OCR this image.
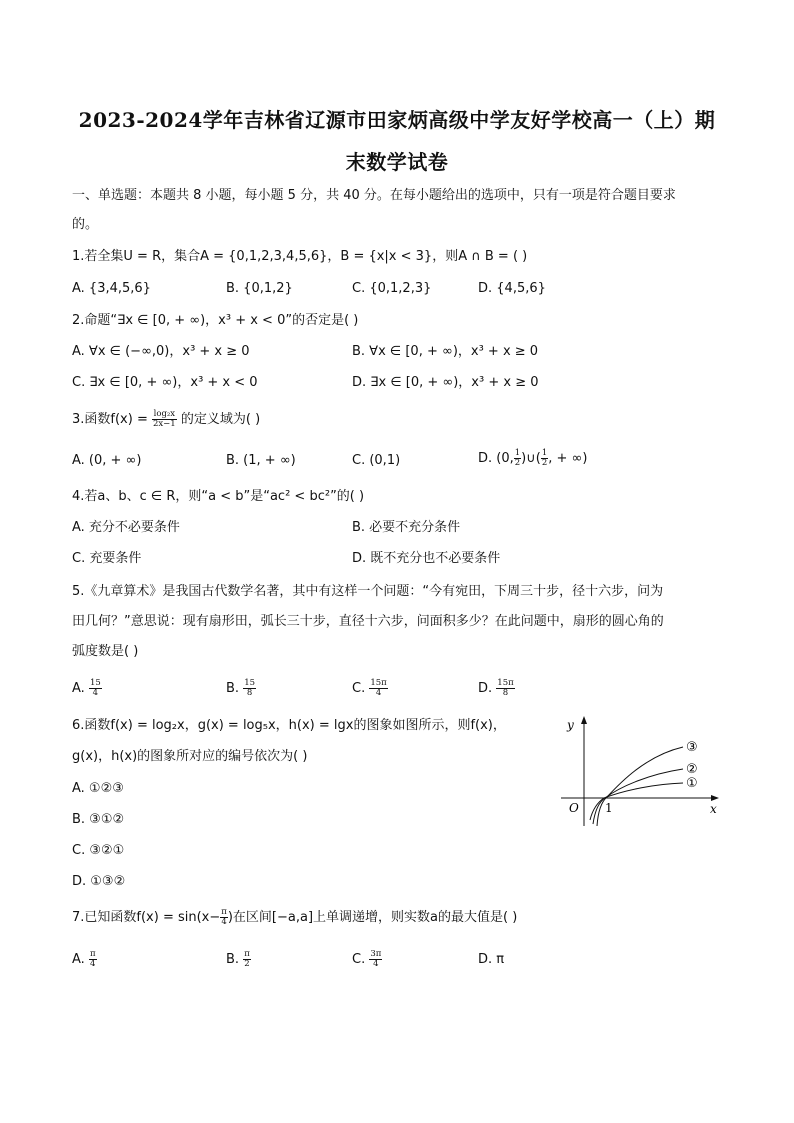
2023-2024学年吉林省辽源市田家炳高级中学友好学校高一（上）期
末数学试卷
一、单选题：本题共 8 小题，每小题 5 分，共 40 分。在每小题给出的选项中，只有一项是符合题目要求
的。
1.若全集U = R，集合A = {0,1,2,3,4,5,6}，B = {x|x < 3}，则A ∩ B = ( )
A. {3,4,5,6}	B. {0,1,2}	C. {0,1,2,3}	D. {4,5,6}
2.命题“∃x ∈ [0, + ∞)，x³ + x < 0”的否定是( )
A. ∀x ∈ (−∞,0)，x³ + x ≥ 0	B. ∀x ∈ [0, + ∞)，x³ + x ≥ 0
C. ∃x ∈ [0, + ∞)，x³ + x < 0	D. ∃x ∈ [0, + ∞)，x³ + x ≥ 0
3.函数$f(x) = \frac{\text{log₂x}}{2x-1}$ 的定义域为( )
A. (0, + ∞)	B. (1, + ∞)	C. (0,1)	D. (0, $\frac{1}{2}$ )∪( $\frac{1}{2}$ , + ∞)
4.若a、b、c ∈ R，则“a < b”是“ac² < bc²”的( )
A. 充分不必要条件	B. 必要不充分条件
C. 充要条件	D. 既不充分也不必要条件
5.《九章算术》是我国古代数学名著，其中有这样一个问题：“今有宛田，下周三十步，径十六步，问为
田几何？”意思说：现有扇形田，弧长三十步，直径十六步，问面积多少？在此问题中，扇形的圆心角的
弧度数是( )
A. $\frac{15}{4}$	B. $\frac{15}{8}$	C. $\frac{15\pi}{4}$	D. $\frac{15\pi}{8}$
6.函数f(x) = log₂x，g(x) = log₅x，h(x) = lgx的图象如图所示，则f(x)，
g(x)，h(x)的图象所对应的编号依次为( )
A. ①②③
B. ③①②
C. ③②①
D. ①③②
y
x
O 1
③
②
①
7.已知函数$f(x) = \sin(x- \frac{\pi}{4}$ )在区间[−a,a]上单调递增，则实数a的最大值是( )
A. $\frac{\pi}{4}$	B. $\frac{\pi}{2}$	C. $\frac{3\pi}{4}$	D. π
